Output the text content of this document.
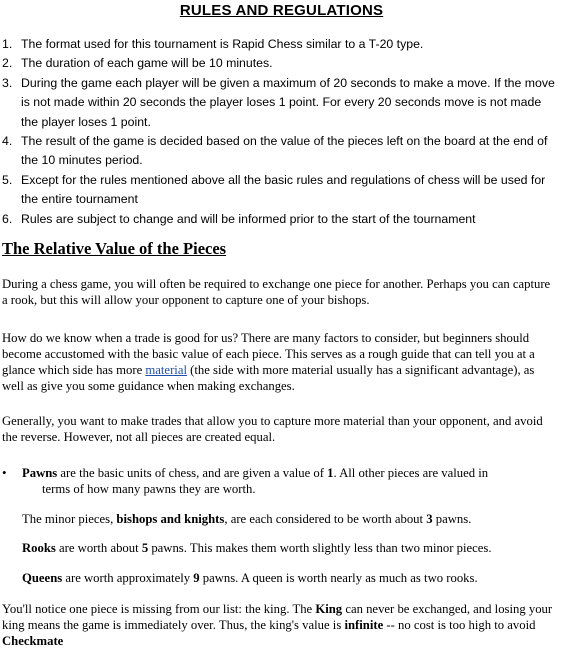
RULES AND REGULATIONS
1. The format used for this tournament is Rapid Chess similar to a T-20 type.
2. The duration of each game will be 10 minutes.
3. During the game each player will be given a maximum of 20 seconds to make a move. If the move is not made within 20 seconds the player loses 1 point. For every 20 seconds move is not made the player loses 1 point.
4. The result of the game is decided based on the value of the pieces left on the board at the end of the 10 minutes period.
5. Except for the rules mentioned above all the basic rules and regulations of chess will be used for the entire tournament
6. Rules are subject to change and will be informed prior to the start of the tournament
The Relative Value of the Pieces

During a chess game, you will often be required to exchange one piece for another. Perhaps you can capture a rook, but this will allow your opponent to capture one of your bishops.

How do we know when a trade is good for us? There are many factors to consider, but beginners should become accustomed with the basic value of each piece. This serves as a rough guide that can tell you at a glance which side has more material (the side with more material usually has a significant advantage), as well as give you some guidance when making exchanges.

Generally, you want to make trades that allow you to capture more material than your opponent, and avoid the reverse. However, not all pieces are created equal.

• Pawns are the basic units of chess, and are given a value of 1. All other pieces are valued in
terms of how many pawns they are worth.

The minor pieces, bishops and knights, are each considered to be worth about 3 pawns.

Rooks are worth about 5 pawns. This makes them worth slightly less than two minor pieces.

Queens are worth approximately 9 pawns. A queen is worth nearly as much as two rooks.

You'll notice one piece is missing from our list: the king. The King can never be exchanged, and losing your king means the game is immediately over. Thus, the king's value is infinite -- no cost is too high to avoid Checkmate
